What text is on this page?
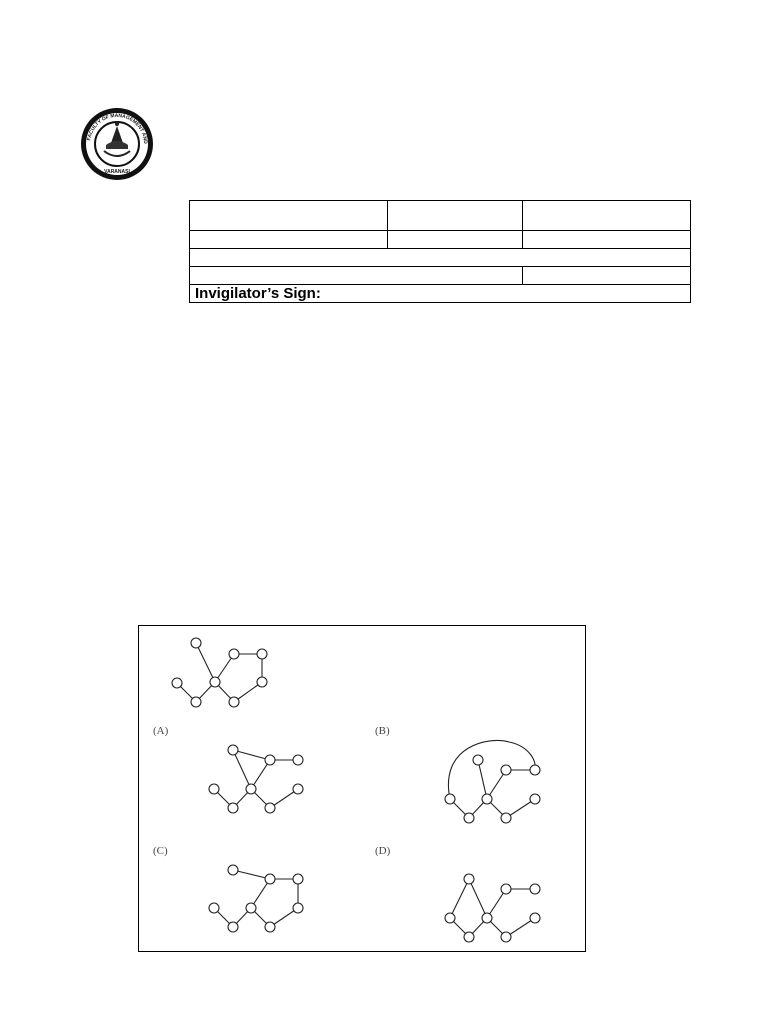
FACULTY OF MANAGEMENT AND
VARANASI

Invigilator’s Sign:		
(A)	(B)
(C)	(D)
